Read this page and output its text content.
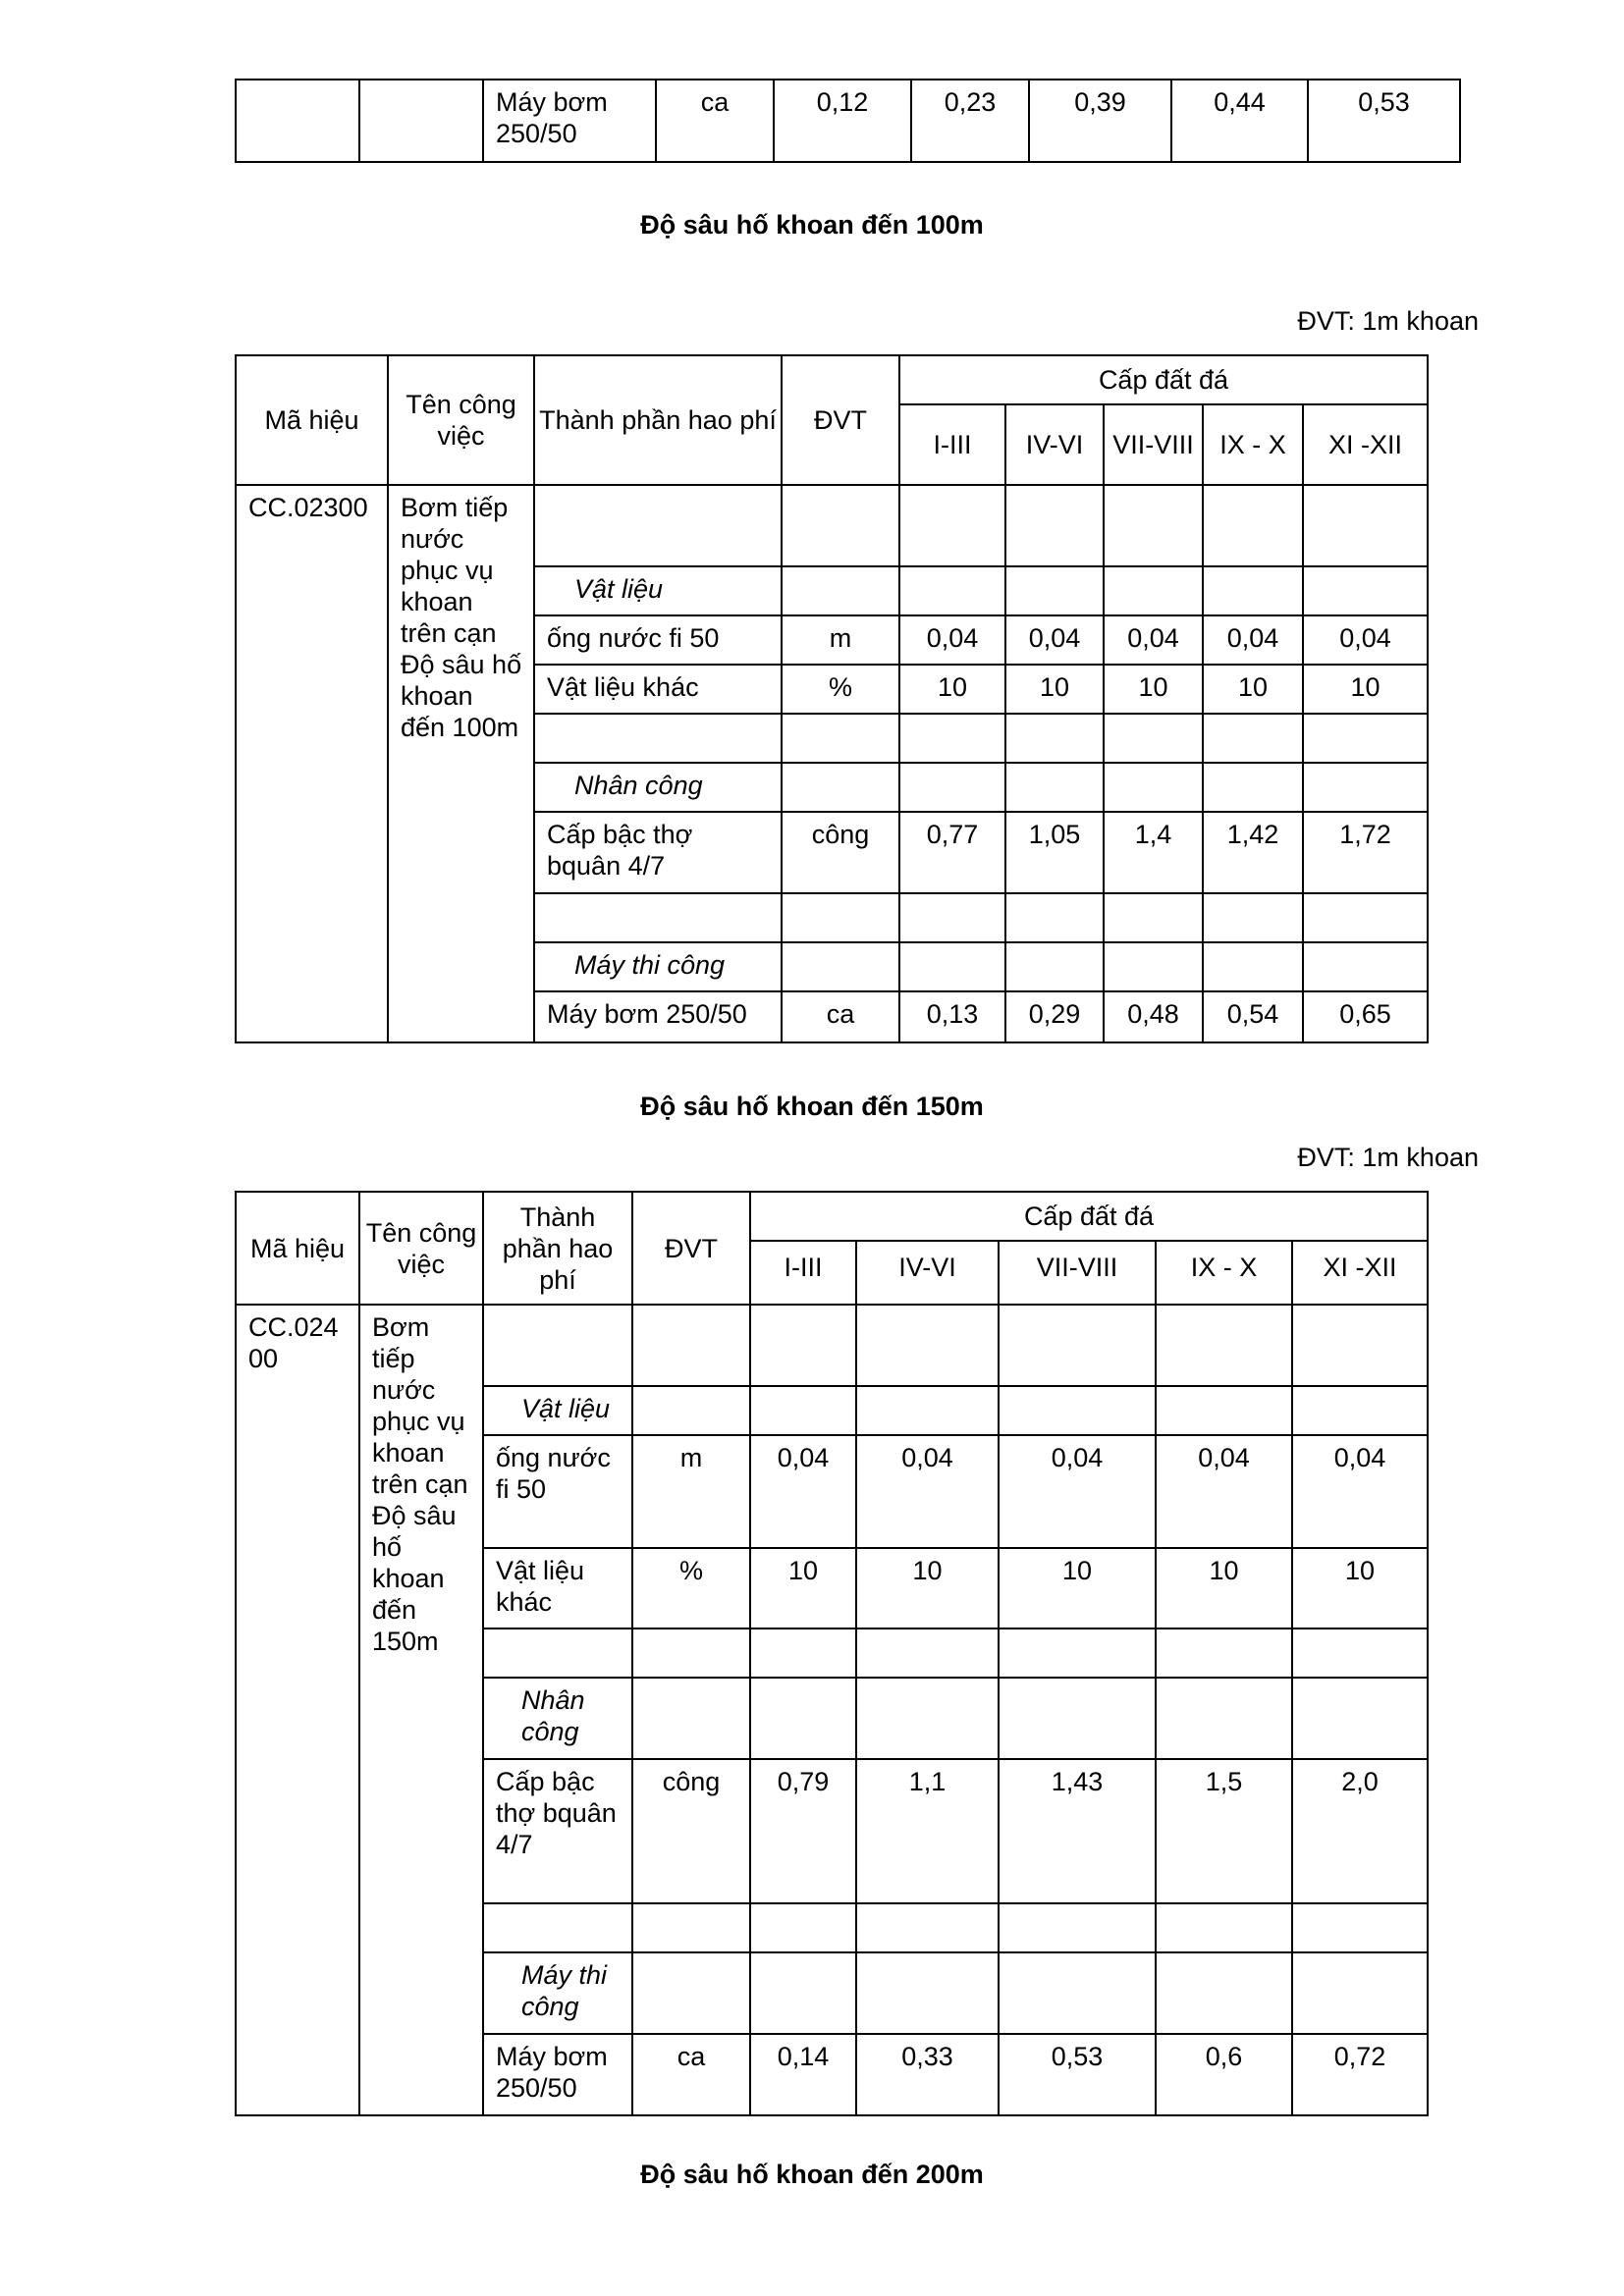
		Máy bơm 250/50	ca	0,12	0,23	0,39	0,44	0,53
Độ sâu hố khoan đến 100m
ĐVT: 1m khoan
Mã hiệu	Tên công việc	Thành phần hao phí	ĐVT	Cấp đất đá				
				I-III	IV-VI	VII-VIII	IX - X	XI -XII
CC.02300	Bơm tiếp nước phục vụ khoan trên cạn Độ sâu hố khoan đến 100m							
		Vật liệu						
		ống nước fi 50	m	0,04	0,04	0,04	0,04	0,04
		Vật liệu khác	%	10	10	10	10	10

		Nhân công						
		Cấp bậc thợ bquân 4/7	công	0,77	1,05	1,4	1,42	1,72

		Máy thi công						
		Máy bơm 250/50	ca	0,13	0,29	0,48	0,54	0,65
Độ sâu hố khoan đến 150m
ĐVT: 1m khoan
Mã hiệu	Tên công việc	Thành phần hao phí	ĐVT	Cấp đất đá				
				I-III	IV-VI	VII-VIII	IX - X	XI -XII
CC.02400	Bơm tiếp nước phục vụ khoan trên cạn Độ sâu hố khoan đến 150m							
		Vật liệu						
		ống nước fi 50	m	0,04	0,04	0,04	0,04	0,04
		Vật liệu khác	%	10	10	10	10	10

		Nhân công						
		Cấp bậc thợ bquân 4/7	công	0,79	1,1	1,43	1,5	2,0

		Máy thi công						
		Máy bơm 250/50	ca	0,14	0,33	0,53	0,6	0,72
Độ sâu hố khoan đến 200m
